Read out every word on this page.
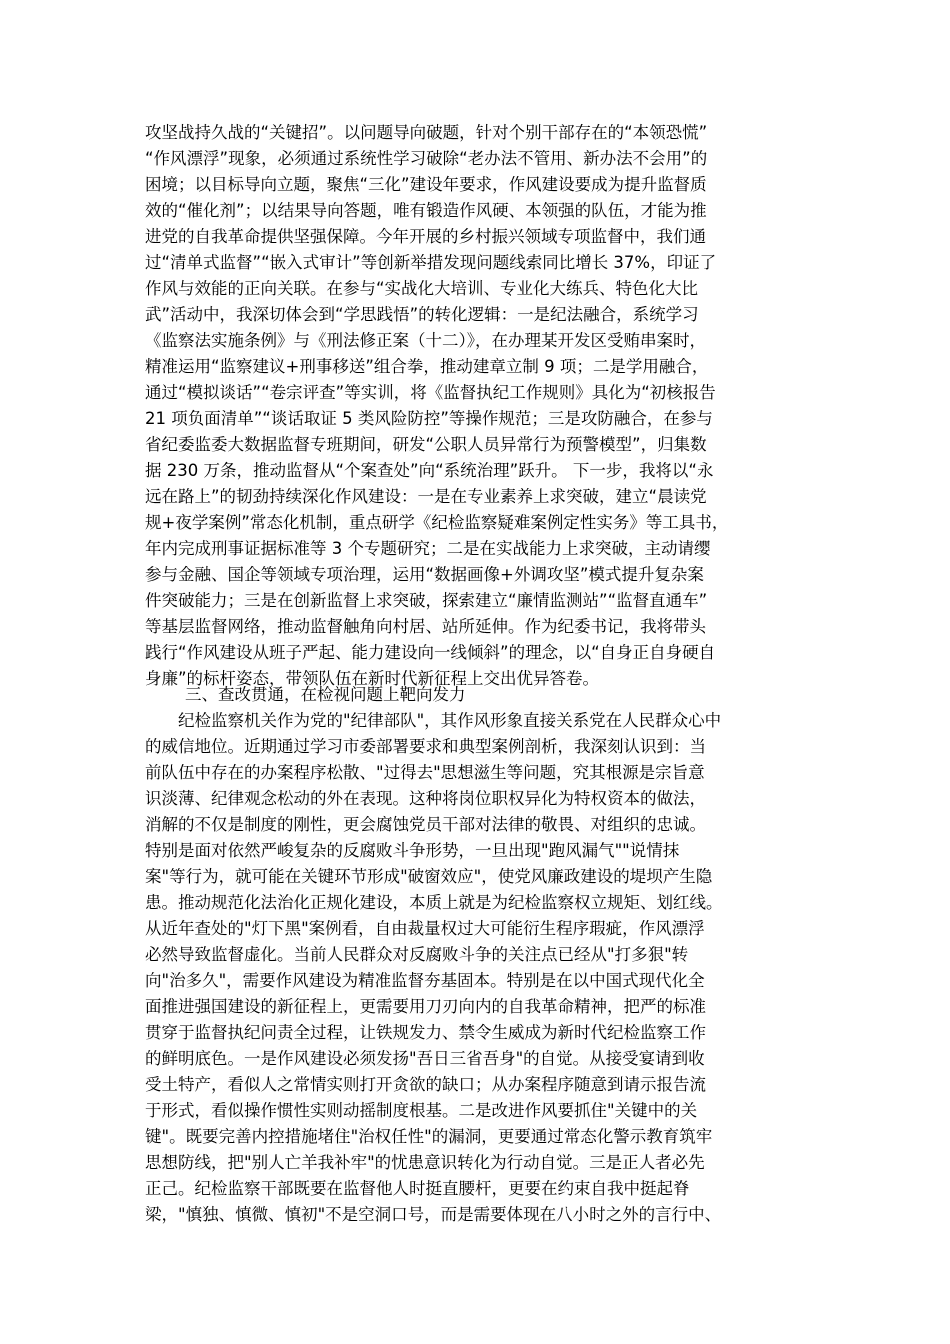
攻坚战持久战的“关键招”。以问题导向破题，针对个别干部存在的“本领恐慌”
“作风漂浮”现象，必须通过系统性学习破除“老办法不管用、新办法不会用”的
困境；以目标导向立题，聚焦“三化”建设年要求，作风建设要成为提升监督质
效的“催化剂”；以结果导向答题，唯有锻造作风硬、本领强的队伍，才能为推
进党的自我革命提供坚强保障。今年开展的乡村振兴领域专项监督中，我们通
过“清单式监督”“嵌入式审计”等创新举措发现问题线索同比增长 37%，印证了
作风与效能的正向关联。在参与“实战化大培训、专业化大练兵、特色化大比
武”活动中，我深切体会到“学思践悟”的转化逻辑：一是纪法融合，系统学习
《监察法实施条例》与《刑法修正案（十二）》，在办理某开发区受贿串案时，
精准运用“监察建议+刑事移送”组合拳，推动建章立制 9 项；二是学用融合，
通过“模拟谈话”“卷宗评查”等实训，将《监督执纪工作规则》具化为“初核报告
21 项负面清单”“谈话取证 5 类风险防控”等操作规范；三是攻防融合，在参与
省纪委监委大数据监督专班期间，研发“公职人员异常行为预警模型”，归集数
据 230 万条，推动监督从“个案查处”向“系统治理”跃升。 下一步，我将以“永
远在路上”的韧劲持续深化作风建设：一是在专业素养上求突破，建立“晨读党
规+夜学案例”常态化机制，重点研学《纪检监察疑难案例定性实务》等工具书，
年内完成刑事证据标准等 3 个专题研究；二是在实战能力上求突破，主动请缨
参与金融、国企等领域专项治理，运用“数据画像+外调攻坚”模式提升复杂案
件突破能力；三是在创新监督上求突破，探索建立“廉情监测站”“监督直通车”
等基层监督网络，推动监督触角向村居、站所延伸。作为纪委书记，我将带头
践行“作风建设从班子严起、能力建设向一线倾斜”的理念，以“自身正自身硬自
身廉”的标杆姿态，带领队伍在新时代新征程上交出优异答卷。
三、查改贯通，在检视问题上靶向发力
纪检监察机关作为党的"纪律部队"，其作风形象直接关系党在人民群众心中
的威信地位。近期通过学习市委部署要求和典型案例剖析，我深刻认识到：当
前队伍中存在的办案程序松散、"过得去"思想滋生等问题，究其根源是宗旨意
识淡薄、纪律观念松动的外在表现。这种将岗位职权异化为特权资本的做法，
消解的不仅是制度的刚性，更会腐蚀党员干部对法律的敬畏、对组织的忠诚。
特别是面对依然严峻复杂的反腐败斗争形势，一旦出现"跑风漏气""说情抹
案"等行为，就可能在关键环节形成"破窗效应"，使党风廉政建设的堤坝产生隐
患。推动规范化法治化正规化建设，本质上就是为纪检监察权立规矩、划红线。
从近年查处的"灯下黑"案例看，自由裁量权过大可能衍生程序瑕疵，作风漂浮
必然导致监督虚化。当前人民群众对反腐败斗争的关注点已经从"打多狠"转
向"治多久"，需要作风建设为精准监督夯基固本。特别是在以中国式现代化全
面推进强国建设的新征程上，更需要用刀刃向内的自我革命精神，把严的标准
贯穿于监督执纪问责全过程，让铁规发力、禁令生威成为新时代纪检监察工作
的鲜明底色。一是作风建设必须发扬"吾日三省吾身"的自觉。从接受宴请到收
受土特产，看似人之常情实则打开贪欲的缺口；从办案程序随意到请示报告流
于形式，看似操作惯性实则动摇制度根基。二是改进作风要抓住"关键中的关
键"。既要完善内控措施堵住"治权任性"的漏洞，更要通过常态化警示教育筑牢
思想防线，把"别人亡羊我补牢"的忧患意识转化为行动自觉。三是正人者必先
正己。纪检监察干部既要在监督他人时挺直腰杆，更要在约束自我中挺起脊
梁，"慎独、慎微、慎初"不是空洞口号，而是需要体现在八小时之外的言行中、
